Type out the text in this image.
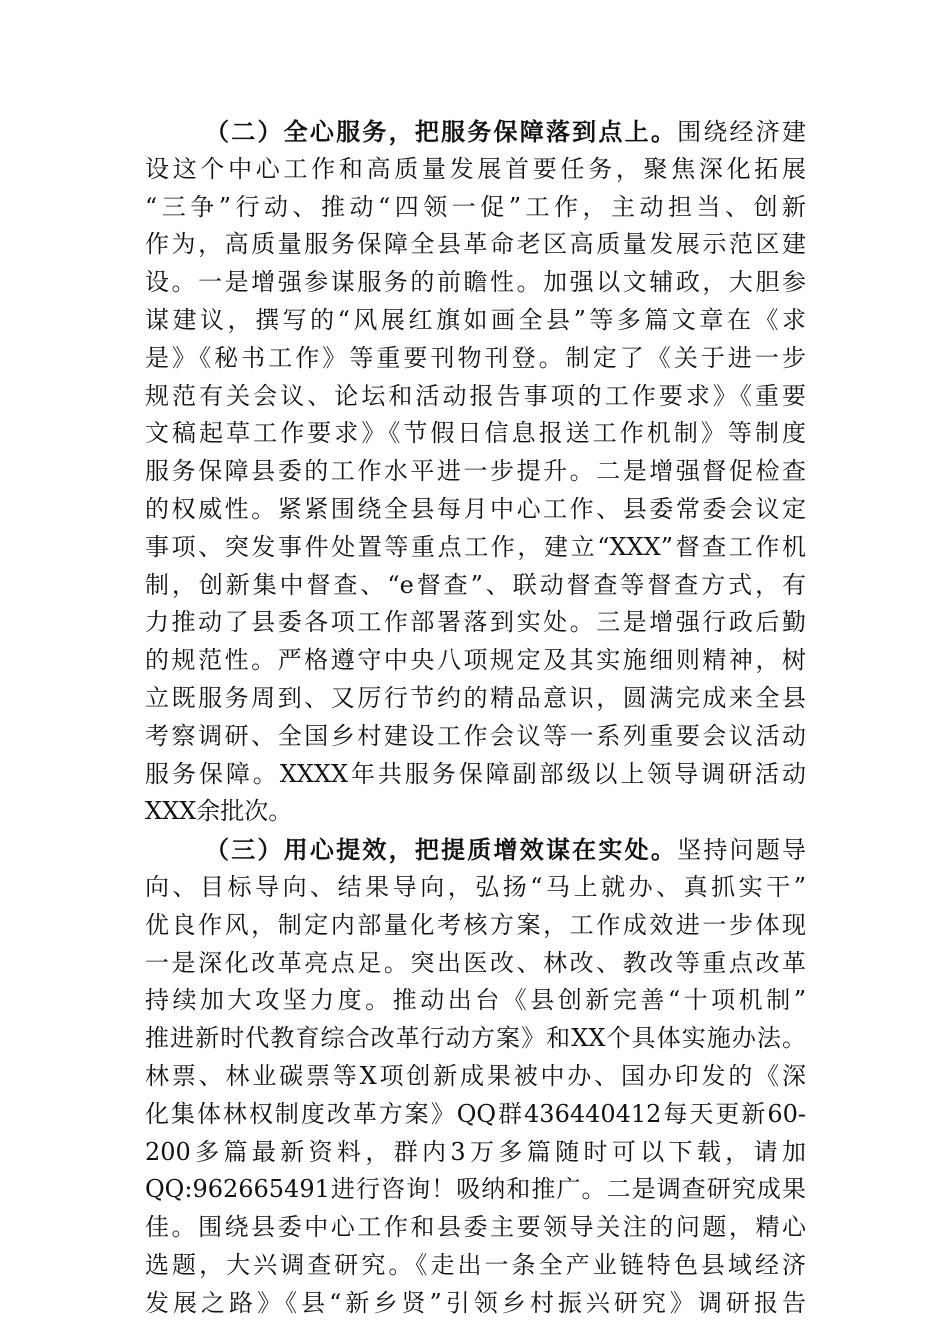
（二）全心服务，把服务保障落到点上。围绕经济建
设这个中心工作和高质量发展首要任务，聚焦深化拓展
“三争”行动、推动“四领一促”工作，主动担当、创新
作为，高质量服务保障全县革命老区高质量发展示范区建
设。一是增强参谋服务的前瞻性。加强以文辅政，大胆参
谋建议，撰写的“风展红旗如画全县”等多篇文章在《求
是》《秘书工作》等重要刊物刊登。制定了《关于进一步
规范有关会议、论坛和活动报告事项的工作要求》《重要
文稿起草工作要求》《节假日信息报送工作机制》等制度
服务保障县委的工作水平进一步提升。二是增强督促检查
的权威性。紧紧围绕全县每月中心工作、县委常委会议定
事项、突发事件处置等重点工作，建立“XXX”督查工作机
制，创新集中督查、“e督查”、联动督查等督查方式，有
力推动了县委各项工作部署落到实处。三是增强行政后勤
的规范性。严格遵守中央八项规定及其实施细则精神，树
立既服务周到、又厉行节约的精品意识，圆满完成来全县
考察调研、全国乡村建设工作会议等一系列重要会议活动
服务保障。XXXX年共服务保障副部级以上领导调研活动
XXX余批次。
（三）用心提效，把提质增效谋在实处。坚持问题导
向、目标导向、结果导向，弘扬“马上就办、真抓实干”
优良作风，制定内部量化考核方案，工作成效进一步体现
一是深化改革亮点足。突出医改、林改、教改等重点改革
持续加大攻坚力度。推动出台《县创新完善“十项机制”
推进新时代教育综合改革行动方案》和XX个具体实施办法。
林票、林业碳票等X项创新成果被中办、国办印发的《深
化集体林权制度改革方案》QQ群436440412每天更新60-
200多篇最新资料，群内3万多篇随时可以下载，请加
QQ:962665491进行咨询！吸纳和推广。二是调查研究成果
佳。围绕县委中心工作和县委主要领导关注的问题，精心
选题，大兴调查研究。《走出一条全产业链特色县域经济
发展之路》《县“新乡贤”引领乡村振兴研究》调研报告
